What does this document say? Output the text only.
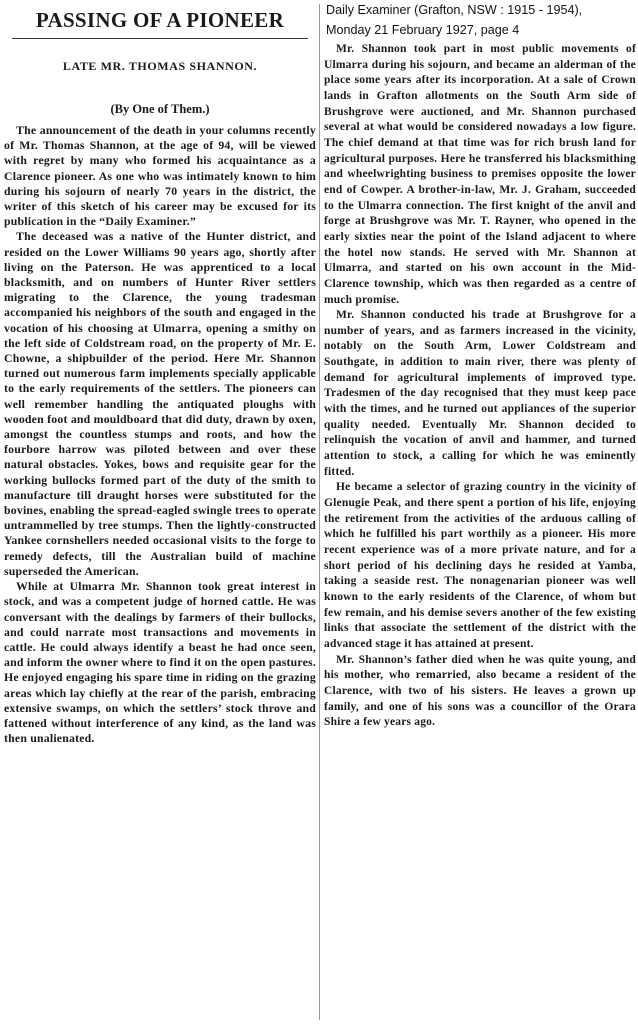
PASSING OF A PIONEER
LATE MR. THOMAS SHANNON.
(By One of Them.)

The announcement of the death in your columns recently of Mr. Thomas Shannon, at the age of 94, will be viewed with regret by many who formed his acquaintance as a Clarence pioneer. As one who was intimately known to him during his sojourn of nearly 70 years in the district, the writer of this sketch of his career may be excused for its publication in the “Daily Examiner.”

The deceased was a native of the Hunter district, and resided on the Lower Williams 90 years ago, shortly after living on the Paterson. He was apprenticed to a local blacksmith, and on numbers of Hunter River settlers migrating to the Clarence, the young tradesman accompanied his neighbors of the south and engaged in the vocation of his choosing at Ulmarra, opening a smithy on the left side of Coldstream road, on the property of Mr. E. Chowne, a shipbuilder of the period. Here Mr. Shannon turned out numerous farm implements specially applicable to the early requirements of the settlers. The pioneers can well remember handling the antiquated ploughs with wooden foot and mouldboard that did duty, drawn by oxen, amongst the countless stumps and roots, and how the fourbore harrow was piloted between and over these natural obstacles. Yokes, bows and requisite gear for the working bullocks formed part of the duty of the smith to manufacture till draught horses were substituted for the bovines, enabling the spread-eagled swingle trees to operate untrammelled by tree stumps. Then the lightly-constructed Yankee cornshellers needed occasional visits to the forge to remedy defects, till the Australian build of machine superseded the American.

While at Ulmarra Mr. Shannon took great interest in stock, and was a competent judge of horned cattle. He was conversant with the dealings by farmers of their bullocks, and could narrate most transactions and movements in cattle. He could always identify a beast he had once seen, and inform the owner where to find it on the open pastures. He enjoyed engaging his spare time in riding on the grazing areas which lay chiefly at the rear of the parish, embracing extensive swamps, on which the settlers’ stock throve and fattened without interference of any kind, as the land was then unalienated.

Daily Examiner (Grafton, NSW : 1915 - 1954),
Monday 21 February 1927, page 4

Mr. Shannon took part in most public movements of Ulmarra during his sojourn, and became an alderman of the place some years after its incorporation. At a sale of Crown lands in Grafton allotments on the South Arm side of Brushgrove were auctioned, and Mr. Shannon purchased several at what would be considered nowadays a low figure. The chief demand at that time was for rich brush land for agricultural purposes. Here he transferred his blacksmithing and wheelwrighting business to premises opposite the lower end of Cowper. A brother-in-law, Mr. J. Graham, succeeded to the Ulmarra connection. The first knight of the anvil and forge at Brushgrove was Mr. T. Rayner, who opened in the early sixties near the point of the Island adjacent to where the hotel now stands. He served with Mr. Shannon at Ulmarra, and started on his own account in the Mid-Clarence township, which was then regarded as a centre of much promise.

Mr. Shannon conducted his trade at Brushgrove for a number of years, and as farmers increased in the vicinity, notably on the South Arm, Lower Coldstream and Southgate, in addition to main river, there was plenty of demand for agricultural implements of improved type. Tradesmen of the day recognised that they must keep pace with the times, and he turned out appliances of the superior quality needed. Eventually Mr. Shannon decided to relinquish the vocation of anvil and hammer, and turned attention to stock, a calling for which he was eminently fitted.

He became a selector of grazing country in the vicinity of Glenugie Peak, and there spent a portion of his life, enjoying the retirement from the activities of the arduous calling of which he fulfilled his part worthily as a pioneer. His more recent experience was of a more private nature, and for a short period of his declining days he resided at Yamba, taking a seaside rest. The nonagenarian pioneer was well known to the early residents of the Clarence, of whom but few remain, and his demise severs another of the few existing links that associate the settlement of the district with the advanced stage it has attained at present.

Mr. Shannon’s father died when he was quite young, and his mother, who remarried, also became a resident of the Clarence, with two of his sisters. He leaves a grown up family, and one of his sons was a councillor of the Orara Shire a few years ago.
